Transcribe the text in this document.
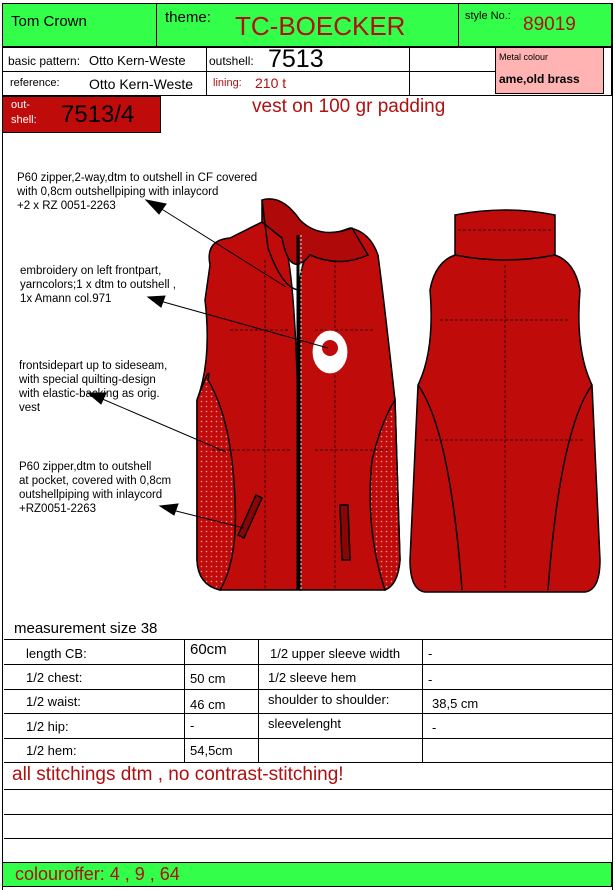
Tom Crown	theme: TC-BOECKER	style No.: 89019
Metal colour
ame,old brass
basic pattern: Otto Kern-Weste outshell: 7513
reference: Otto Kern-Weste lining: 210 t
out-
shell: 7513/4	vest on 100 gr padding
P60 zipper,2-way,dtm to outshell in CF covered
with 0,8cm outshellpiping with inlaycord
+2 x RZ 0051-2263
embroidery on left frontpart,
yarncolors;1 x dtm to outshell ,
1x Amann col.971
frontsidepart up to sideseam,
with special quilting-design
with elastic-backing as orig.
vest
P60 zipper,dtm to outshell
at pocket, covered with 0,8cm
outshellpiping with inlaycord
+RZ0051-2263
measurement size 38
length CB:	60cm	1/2 upper sleeve width -
1/2 chest:	50 cm	1/2 sleeve hem	-
1/2 waist:	46 cm	shoulder to shoulder:	38,5 cm
1/2 hip:	-	sleevelenght	-
1/2 hem:	54,5cm
all stitchings dtm , no contrast-stitching!
colouroffer: 4 , 9 , 64
